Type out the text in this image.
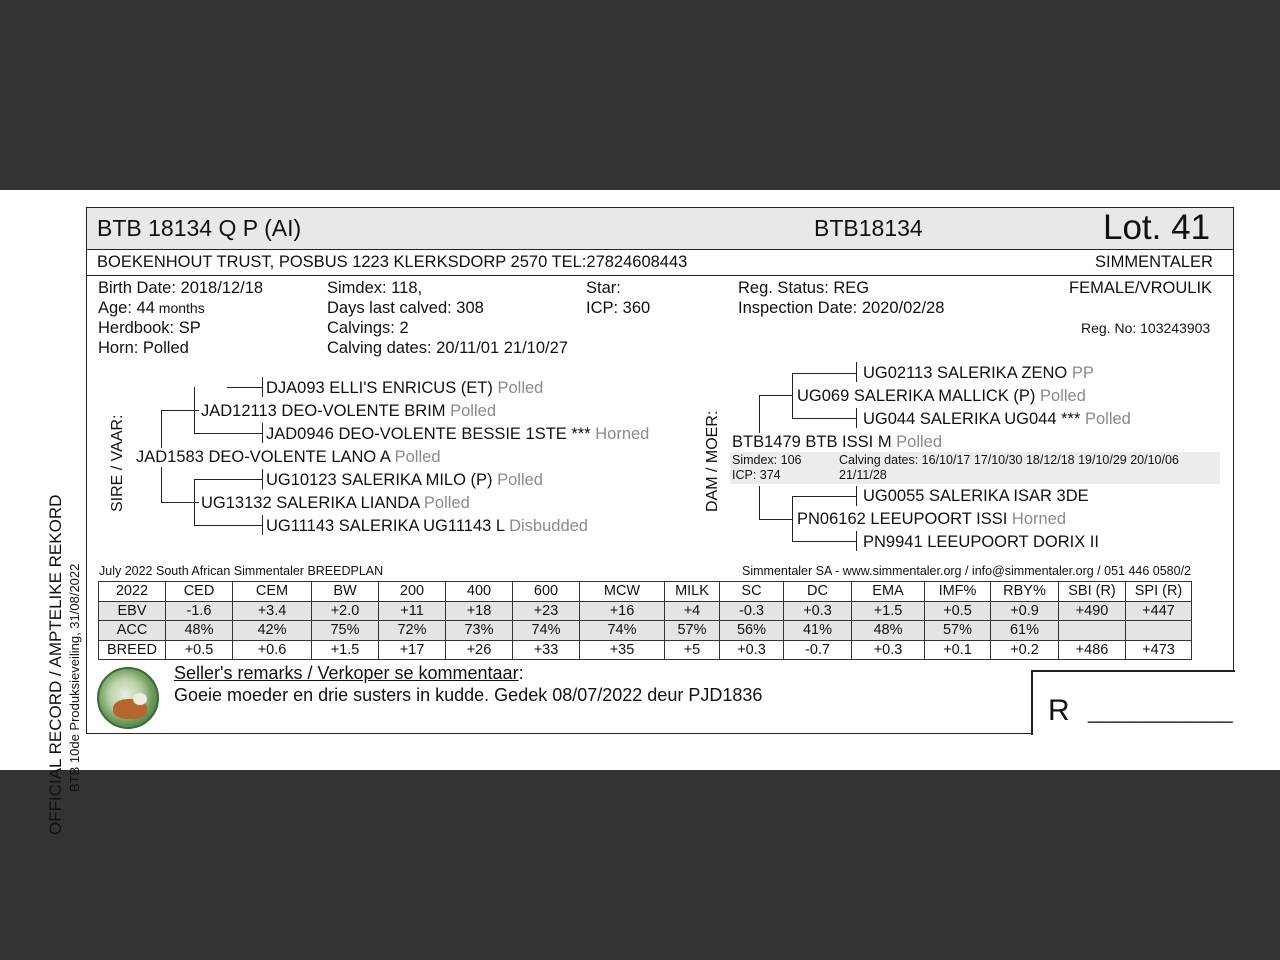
OFFICIAL RECORD / AMPTELIKE REKORD BTB 10de Produksieveiling, 31/08/2022
BTB 18134 Q P (AI)	BTB18134	Lot. 41
BOEKENHOUT TRUST, POSBUS 1223 KLERKSDORP 2570 TEL:27824608443	SIMMENTALER
Birth Date: 2018/12/18
Age: 44 months
Herdbook: SP
Horn: Polled
Simdex: 118,
Days last calved: 308
Calvings: 2
Calving dates: 20/11/01 21/10/27
Star:
ICP: 360
Reg. Status: REG
Inspection Date: 2020/02/28
FEMALE/VROULIK
Reg. No: 103243903
SIRE / VAAR:
DJA093 ELLI'S ENRICUS (ET) Polled
JAD12113 DEO-VOLENTE BRIM Polled
JAD0946 DEO-VOLENTE BESSIE 1STE *** Horned
JAD1583 DEO-VOLENTE LANO A Polled
UG10123 SALERIKA MILO (P) Polled
UG13132 SALERIKA LIANDA Polled
UG11143 SALERIKA UG11143 L Disbudded
DAM / MOER:
UG02113 SALERIKA ZENO PP
UG069 SALERIKA MALLICK (P) Polled
UG044 SALERIKA UG044 *** Polled
BTB1479 BTB ISSI M Polled
Simdex: 106
ICP: 374
Calving dates: 16/10/17 17/10/30 18/12/18 19/10/29 20/10/06
21/11/28
UG0055 SALERIKA ISAR 3DE
PN06162 LEEUPOORT ISSI Horned
PN9941 LEEUPOORT DORIX II
July 2022 South African Simmentaler BREEDPLAN	Simmentaler SA - www.simmentaler.org / info@simmentaler.org / 051 446 0580/2
2022	CED	CEM	BW	200	400	600	MCW	MILK	SC	DC	EMA	IMF%	RBY%	SBI (R)	SPI (R)
EBV	-1.6	+3.4	+2.0	+11	+18	+23	+16	+4	-0.3	+0.3	+1.5	+0.5	+0.9	+490	+447
ACC	48%	42%	75%	72%	73%	74%	74%	57%	56%	41%	48%	57%	61%		
BREED	+0.5	+0.6	+1.5	+17	+26	+33	+35	+5	+0.3	-0.7	+0.3	+0.1	+0.2	+486	+473
Seller's remarks / Verkoper se kommentaar:
Goeie moeder en drie susters in kudde. Gedek 08/07/2022 deur PJD1836	R __________
